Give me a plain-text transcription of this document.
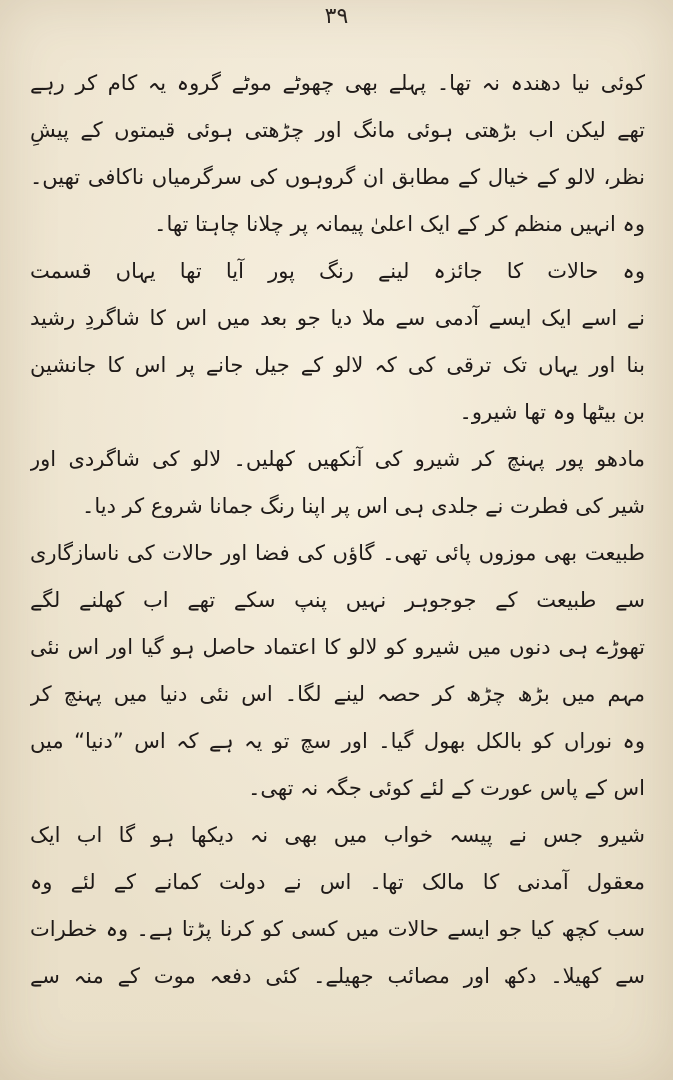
۳۹
کوئی نیا دھندہ نہ تھا۔ پہلے بھی چھوٹے موٹے گروہ یہ کام کر رہے
تھے لیکن اب بڑھتی ہوئی مانگ اور چڑھتی ہوئی قیمتوں کے پیشِ
نظر، لالو کے خیال کے مطابق ان گروہوں کی سرگرمیاں ناکافی تھیں۔
وہ انہیں منظم کر کے ایک اعلیٰ پیمانہ پر چلانا چاہتا تھا۔
وہ حالات کا جائزہ لینے رنگ پور آیا تھا یہاں قسمت
نے اسے ایک ایسے آدمی سے ملا دیا جو بعد میں اس کا شاگردِ رشید
بنا اور یہاں تک ترقی کی کہ لالو کے جیل جانے پر اس کا جانشین
بن بیٹھا وہ تھا شیرو۔
مادھو پور پہنچ کر شیرو کی آنکھیں کھلیں۔ لالو کی شاگردی اور
شیر کی فطرت نے جلدی ہی اس پر اپنا رنگ جمانا شروع کر دیا۔
طبیعت بھی موزوں پائی تھی۔ گاؤں کی فضا اور حالات کی ناسازگاری
سے طبیعت کے جوجوہر نہیں پنپ سکے تھے اب کھلنے لگے
تھوڑے ہی دنوں میں شیرو کو لالو کا اعتماد حاصل ہو گیا اور اس نئی
مہم میں بڑھ چڑھ کر حصہ لینے لگا۔ اس نئی دنیا میں پہنچ کر
وہ نوراں کو بالکل بھول گیا۔ اور سچ تو یہ ہے کہ اس ”دنیا“ میں
اس کے پاس عورت کے لئے کوئی جگہ نہ تھی۔
شیرو جس نے پیسہ خواب میں بھی نہ دیکھا ہو گا اب ایک
معقول آمدنی کا مالک تھا۔ اس نے دولت کمانے کے لئے وہ
سب کچھ کیا جو ایسے حالات میں کسی کو کرنا پڑتا ہے۔ وہ خطرات
سے کھیلا۔ دکھ اور مصائب جھیلے۔ کئی دفعہ موت کے منہ سے
